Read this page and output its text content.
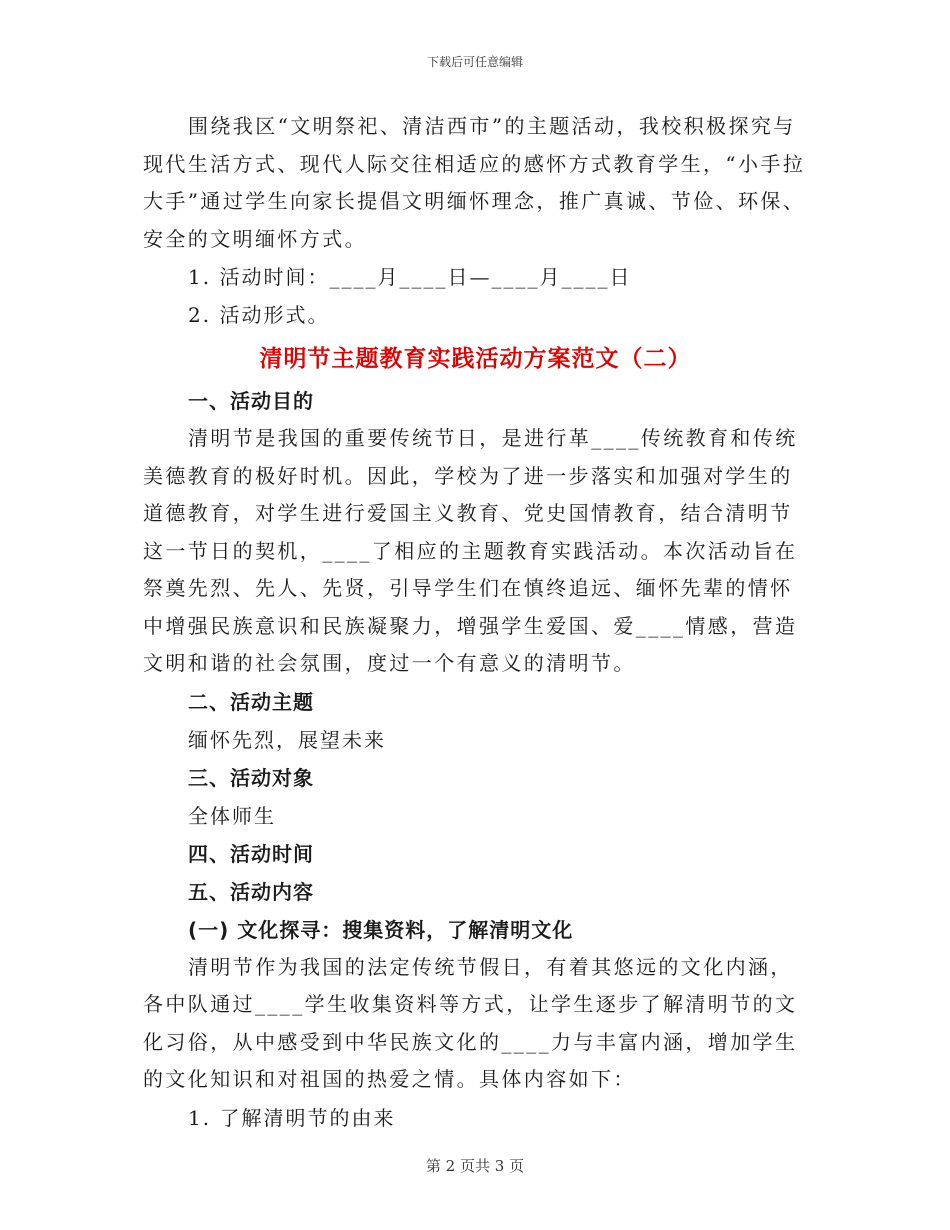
下载后可任意编辑

围绕我区“文明祭祀、清洁西市”的主题活动，我校积极探究与现代生活方式、现代人际交往相适应的感怀方式教育学生，“小手拉大手”通过学生向家长提倡文明缅怀理念，推广真诚、节俭、环保、安全的文明缅怀方式。

1. 活动时间：____月____日—____月____日

2. 活动形式。

清明节主题教育实践活动方案范文（二）

一、活动目的

清明节是我国的重要传统节日，是进行革____传统教育和传统美德教育的极好时机。因此，学校为了进一步落实和加强对学生的道德教育，对学生进行爱国主义教育、党史国情教育，结合清明节这一节日的契机，____了相应的主题教育实践活动。本次活动旨在祭奠先烈、先人、先贤，引导学生们在慎终追远、缅怀先辈的情怀中增强民族意识和民族凝聚力，增强学生爱国、爱____情感，营造文明和谐的社会氛围，度过一个有意义的清明节。

二、活动主题

缅怀先烈，展望未来

三、活动对象

全体师生

四、活动时间

五、活动内容

(一) 文化探寻：搜集资料，了解清明文化

清明节作为我国的法定传统节假日，有着其悠远的文化内涵，各中队通过____学生收集资料等方式，让学生逐步了解清明节的文化习俗，从中感受到中华民族文化的____力与丰富内涵，增加学生的文化知识和对祖国的热爱之情。具体内容如下：

1. 了解清明节的由来

第 2 页共 3 页
